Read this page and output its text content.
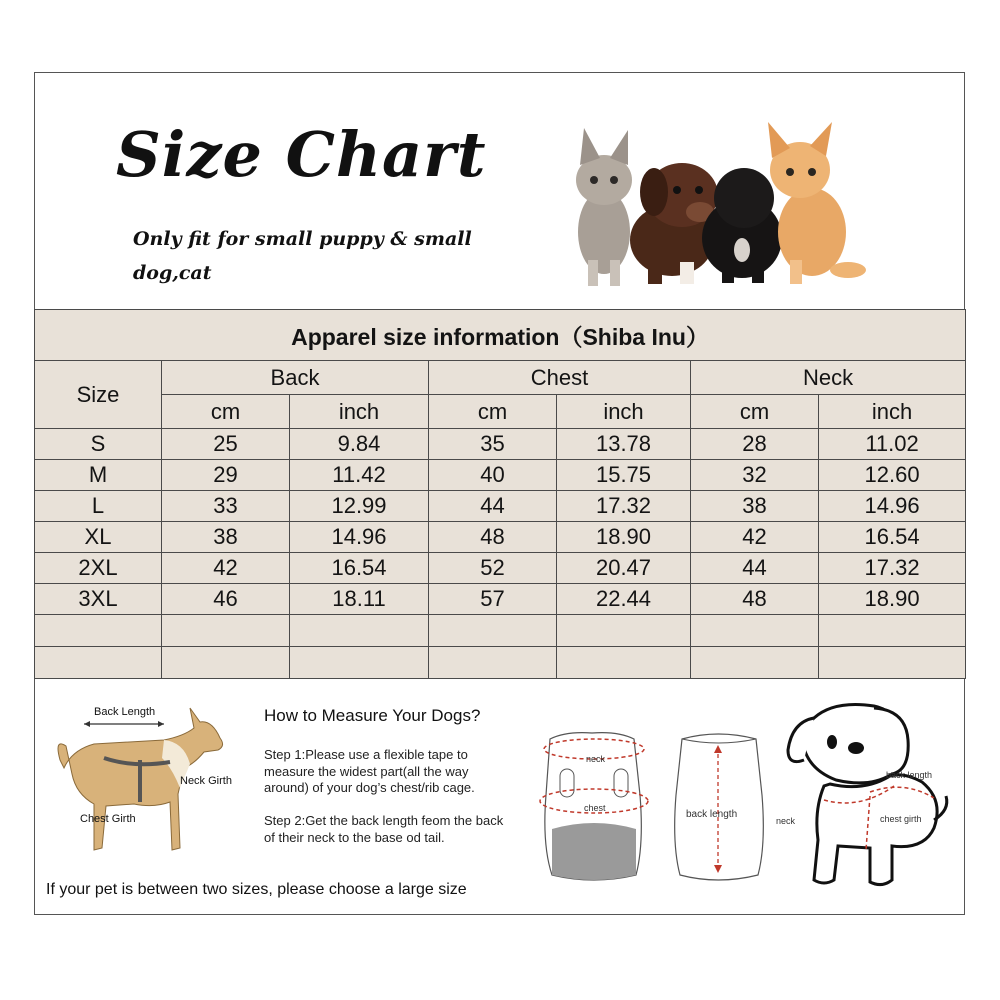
Size Chart
Only fit for small puppy & small dog,cat
Apparel size information（Shiba Inu）						
Size	Back		Chest		Neck	
	cm	inch	cm	inch	cm	inch
S	25	9.84	35	13.78	28	11.02
M	29	11.42	40	15.75	32	12.60
L	33	12.99	44	17.32	38	14.96
XL	38	14.96	48	18.90	42	16.54
2XL	42	16.54	52	20.47	44	17.32
3XL	46	18.11	57	22.44	48	18.90

Back Length
Neck Girth
Chest Girth
How to Measure Your Dogs?
Step 1:Please use a flexible tape to measure the widest part(all the way around) of your dog’s chest/rib cage.
Step 2:Get the back length feom the back of their neck to the base od tail.
If your pet is between two sizes, please choose a large size
neck
chest
back length
back length
neck	chest girth
